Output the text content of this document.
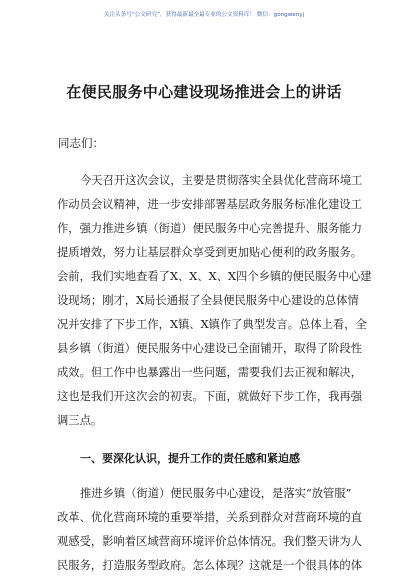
关注头条号“公文研究”，获得最新最全最专业的公文资料库！ 微信：gongwenyj
在便民服务中心建设现场推进会上的讲话
同志们：
今天召开这次会议，主要是贯彻落实全县优化营商环境工
作动员会议精神，进一步安排部署基层政务服务标准化建设工
作，强力推进乡镇（街道）便民服务中心完善提升、服务能力
提质增效，努力让基层群众享受到更加贴心便利的政务服务。
会前，我们实地查看了X、X、X、X四个乡镇的便民服务中心建
设现场；刚才，X局长通报了全县便民服务中心建设的总体情
况并安排了下步工作，X镇、X镇作了典型发言。总体上看，全
县乡镇（街道）便民服务中心建设已全面铺开，取得了阶段性
成效。但工作中也暴露出一些问题，需要我们去正视和解决，
这也是我们开这次会的初衷。下面，就做好下步工作，我再强
调三点。
一、要深化认识，提升工作的责任感和紧迫感
推进乡镇（街道）便民服务中心建设，是落实“放管服”
改革、优化营商环境的重要举措，关系到群众对营商环境的直
观感受，影响着区域营商环境评价总体情况。我们整天讲为人
民服务，打造服务型政府。怎么体现？这就是一个很具体的体
